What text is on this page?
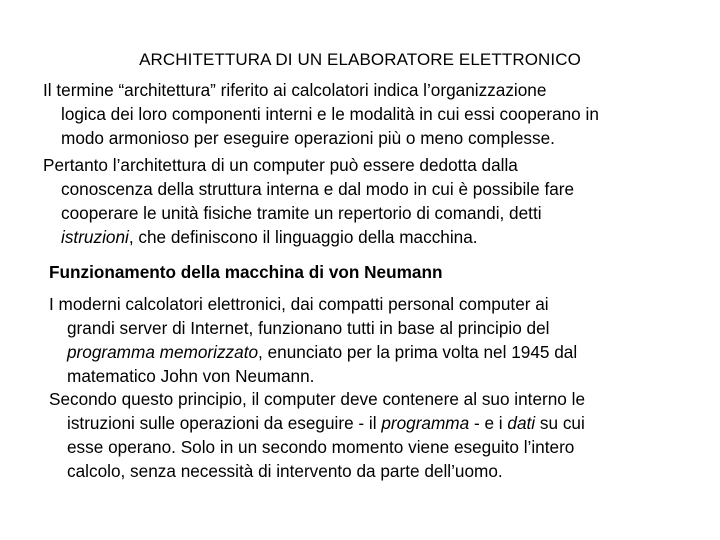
ARCHITETTURA DI UN ELABORATORE ELETTRONICO

Il termine “architettura” riferito ai calcolatori indica l’organizzazione
logica dei loro componenti interni e le modalità in cui essi cooperano in
modo armonioso per eseguire operazioni più o meno complesse.

Pertanto l’architettura di un computer può essere dedotta dalla
conoscenza della struttura interna e dal modo in cui è possibile fare
cooperare le unità fisiche tramite un repertorio di comandi, detti
istruzioni, che definiscono il linguaggio della macchina.

Funzionamento della macchina di von Neumann

I moderni calcolatori elettronici, dai compatti personal computer ai
grandi server di Internet, funzionano tutti in base al principio del
programma memorizzato, enunciato per la prima volta nel 1945 dal
matematico John von Neumann.

Secondo questo principio, il computer deve contenere al suo interno le
istruzioni sulle operazioni da eseguire - il programma - e i dati su cui
esse operano. Solo in un secondo momento viene eseguito l’intero
calcolo, senza necessità di intervento da parte dell’uomo.
